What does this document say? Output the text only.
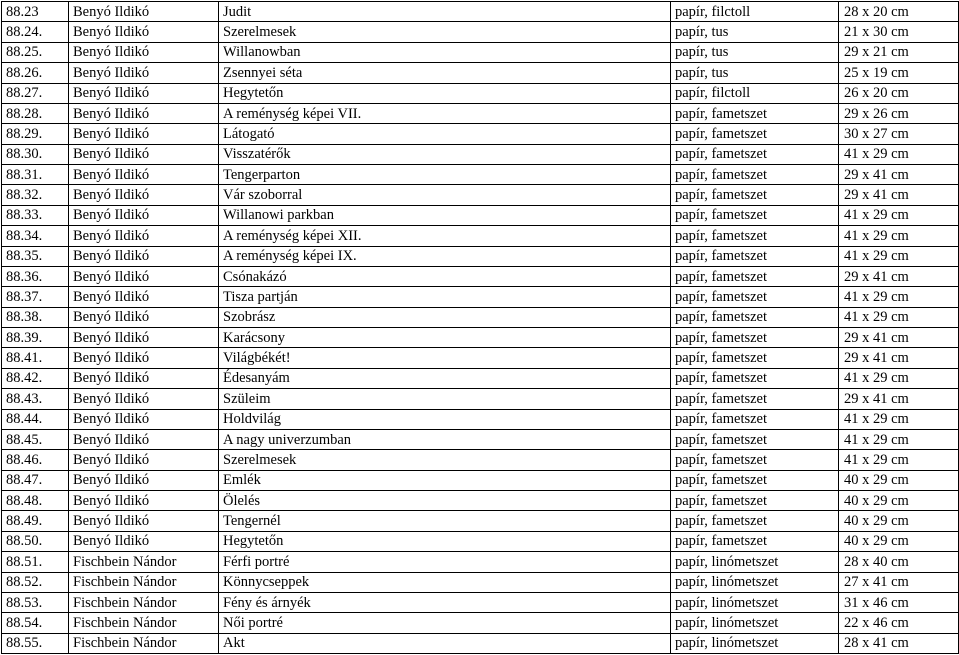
88.23	Benyó Ildikó	Judit	papír, filctoll	28 x 20 cm
88.24.	Benyó Ildikó	Szerelmesek	papír, tus	21 x 30 cm
88.25.	Benyó Ildikó	Willanowban	papír, tus	29 x 21 cm
88.26.	Benyó Ildikó	Zsennyei séta	papír, tus	25 x 19 cm
88.27.	Benyó Ildikó	Hegytetőn	papír, filctoll	26 x 20 cm
88.28.	Benyó Ildikó	A reménység képei VII.	papír, fametszet	29 x 26 cm
88.29.	Benyó Ildikó	Látogató	papír, fametszet	30 x 27 cm
88.30.	Benyó Ildikó	Visszatérők	papír, fametszet	41 x 29 cm
88.31.	Benyó Ildikó	Tengerparton	papír, fametszet	29 x 41 cm
88.32.	Benyó Ildikó	Vár szoborral	papír, fametszet	29 x 41 cm
88.33.	Benyó Ildikó	Willanowi parkban	papír, fametszet	41 x 29 cm
88.34.	Benyó Ildikó	A reménység képei XII.	papír, fametszet	41 x 29 cm
88.35.	Benyó Ildikó	A reménység képei IX.	papír, fametszet	41 x 29 cm
88.36.	Benyó Ildikó	Csónakázó	papír, fametszet	29 x 41 cm
88.37.	Benyó Ildikó	Tisza partján	papír, fametszet	41 x 29 cm
88.38.	Benyó Ildikó	Szobrász	papír, fametszet	41 x 29 cm
88.39.	Benyó Ildikó	Karácsony	papír, fametszet	29 x 41 cm
88.41.	Benyó Ildikó	Világbékét!	papír, fametszet	29 x 41 cm
88.42.	Benyó Ildikó	Édesanyám	papír, fametszet	41 x 29 cm
88.43.	Benyó Ildikó	Szüleim	papír, fametszet	29 x 41 cm
88.44.	Benyó Ildikó	Holdvilág	papír, fametszet	41 x 29 cm
88.45.	Benyó Ildikó	A nagy univerzumban	papír, fametszet	41 x 29 cm
88.46.	Benyó Ildikó	Szerelmesek	papír, fametszet	41 x 29 cm
88.47.	Benyó Ildikó	Emlék	papír, fametszet	40 x 29 cm
88.48.	Benyó Ildikó	Ölelés	papír, fametszet	40 x 29 cm
88.49.	Benyó Ildikó	Tengernél	papír, fametszet	40 x 29 cm
88.50.	Benyó Ildikó	Hegytetőn	papír, fametszet	40 x 29 cm
88.51.	Fischbein Nándor	Férfi portré	papír, linómetszet	28 x 40 cm
88.52.	Fischbein Nándor	Könnycseppek	papír, linómetszet	27 x 41 cm
88.53.	Fischbein Nándor	Fény és árnyék	papír, linómetszet	31 x 46 cm
88.54.	Fischbein Nándor	Női portré	papír, linómetszet	22 x 46 cm
88.55.	Fischbein Nándor	Akt	papír, linómetszet	28 x 41 cm
